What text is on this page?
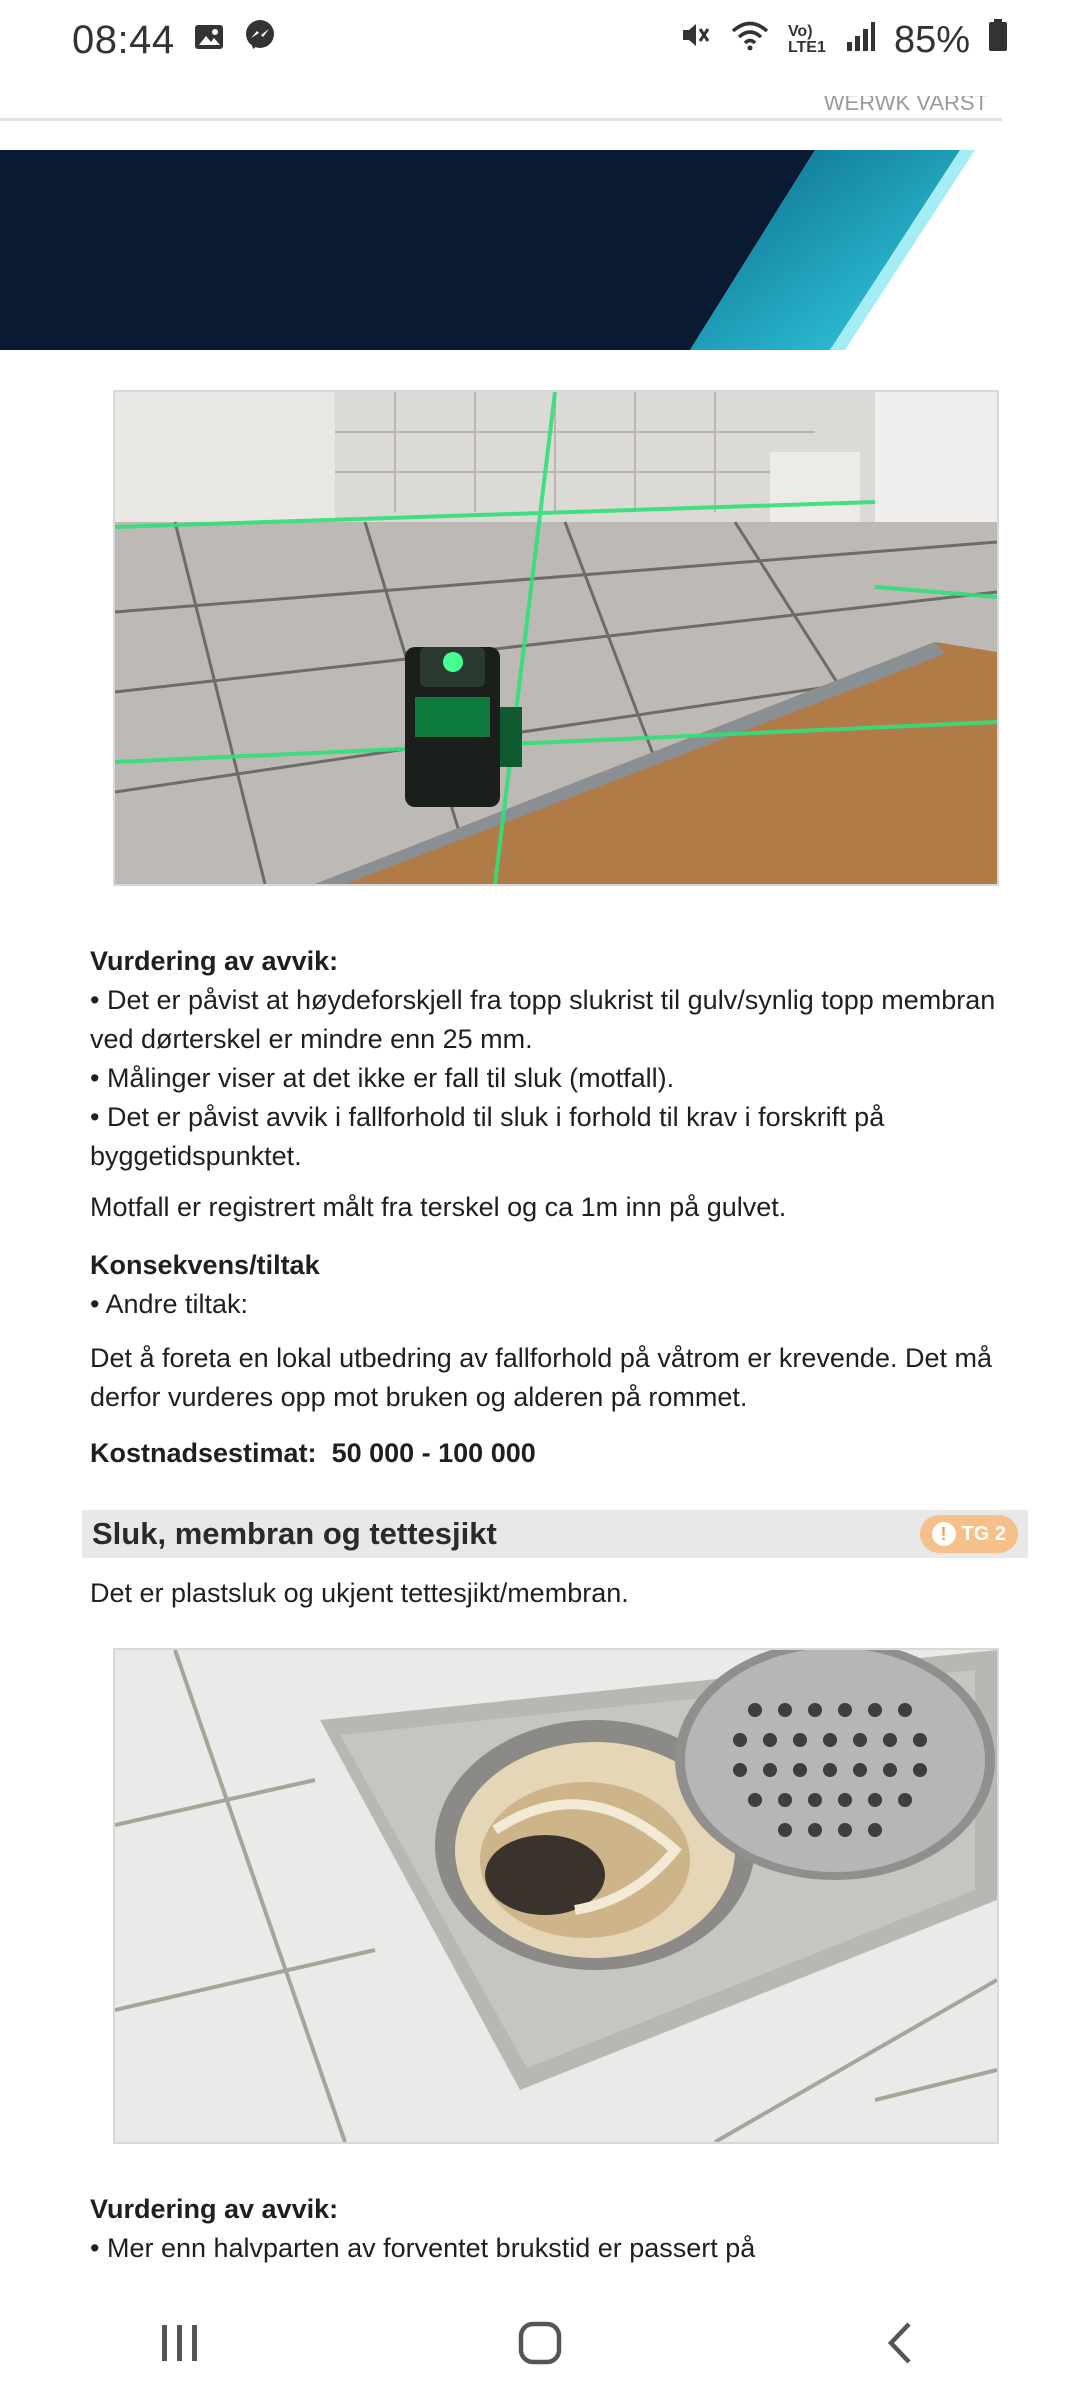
08:44	Vo) LTE1 85%
WERWK VARST

Vurdering av avvik:

• Det er påvist at høydeforskjell fra topp slukrist til gulv/synlig topp membran ved dørterskel er mindre enn 25 mm.

• Målinger viser at det ikke er fall til sluk (motfall).

• Det er påvist avvik i fallforhold til sluk i forhold til krav i forskrift på byggetidspunktet.

Motfall er registrert målt fra terskel og ca 1m inn på gulvet.

Konsekvens/tiltak

• Andre tiltak:

Det å foreta en lokal utbedring av fallforhold på våtrom er krevende. Det må derfor vurderes opp mot bruken og alderen på rommet.

Kostnadsestimat: 50 000 - 100 000
Sluk, membran og tettesjikt	! TG 2

Det er plastsluk og ukjent tettesjikt/membran.

Vurdering av avvik:

• Mer enn halvparten av forventet brukstid er passert på
